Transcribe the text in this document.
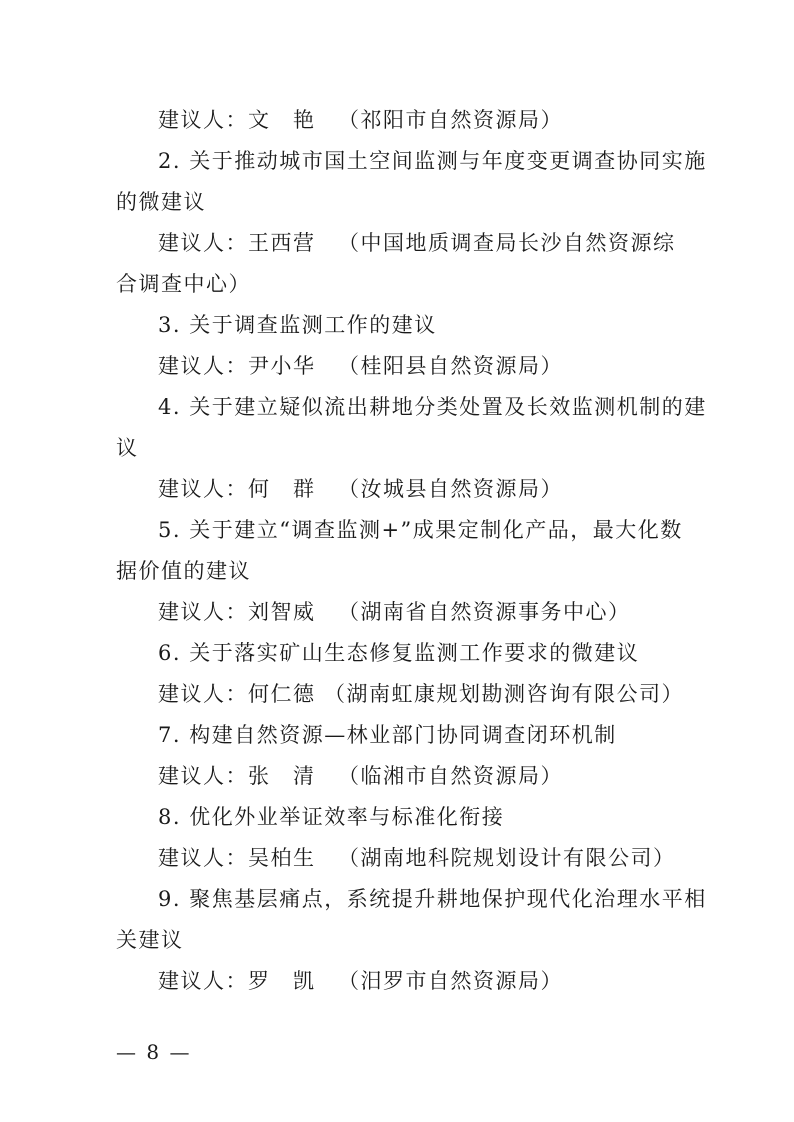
建议人：文　艳 （祁阳市自然资源局）
2. 关于推动城市国土空间监测与年度变更调查协同实施
的微建议
建议人：王西营 （中国地质调查局长沙自然资源综
合调查中心）
3. 关于调查监测工作的建议
建议人：尹小华 （桂阳县自然资源局）
4. 关于建立疑似流出耕地分类处置及长效监测机制的建
议
建议人：何　群 （汝城县自然资源局）
5. 关于建立“调查监测+”成果定制化产品，最大化数
据价值的建议
建议人：刘智威 （湖南省自然资源事务中心）
6. 关于落实矿山生态修复监测工作要求的微建议
建议人：何仁德 （湖南虹康规划勘测咨询有限公司）
7. 构建自然资源—林业部门协同调查闭环机制
建议人：张　清 （临湘市自然资源局）
8. 优化外业举证效率与标准化衔接
建议人：吴柏生 （湖南地科院规划设计有限公司）
9. 聚焦基层痛点，系统提升耕地保护现代化治理水平相
关建议
建议人：罗　凯 （汨罗市自然资源局）
— 8 —
